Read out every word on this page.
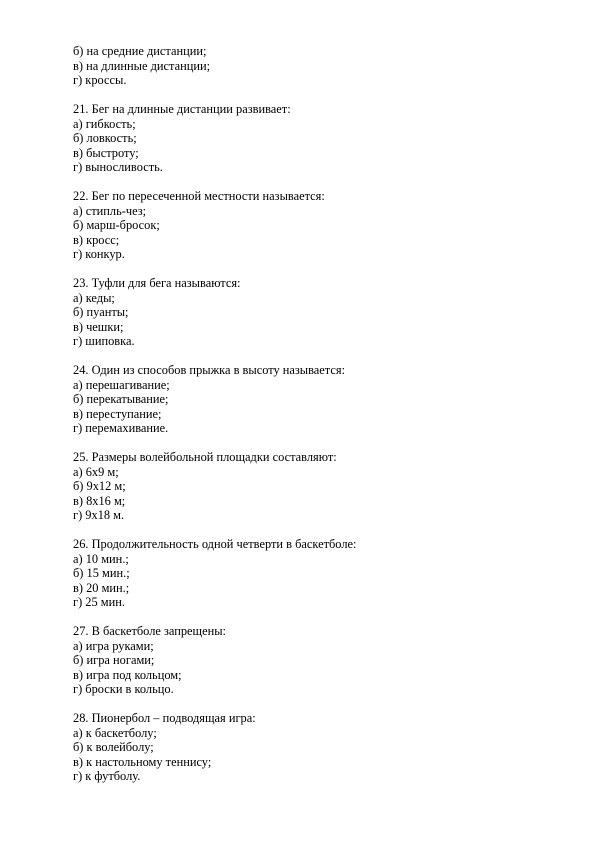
б) на средние дистанции;

в) на длинные дистанции;

г) кроссы.

21. Бег на длинные дистанции развивает:

а) гибкость;

б) ловкость;

в) быстроту;

г) выносливость.

22. Бег по пересеченной местности называется:

а) стипль-чез;

б) марш-бросок;

в) кросс;

г) конкур.

23. Туфли для бега называются:

а) кеды;

б) пуанты;

в) чешки;

г) шиповка.

24. Один из способов прыжка в высоту называется:

а) перешагивание;

б) перекатывание;

в) переступание;

г) перемахивание.

25. Размеры волейбольной площадки составляют:

а) 6х9 м;

б) 9х12 м;

в) 8х16 м;

г) 9х18 м.

26. Продолжительность одной четверти в баскетболе:

а) 10 мин.;

б) 15 мин.;

в) 20 мин.;

г) 25 мин.

27. В баскетболе запрещены:

а) игра руками;

б) игра ногами;

в) игра под кольцом;

г) броски в кольцо.

28. Пионербол – подводящая игра:

а) к баскетболу;

б) к волейболу;

в) к настольному теннису;

г) к футболу.
